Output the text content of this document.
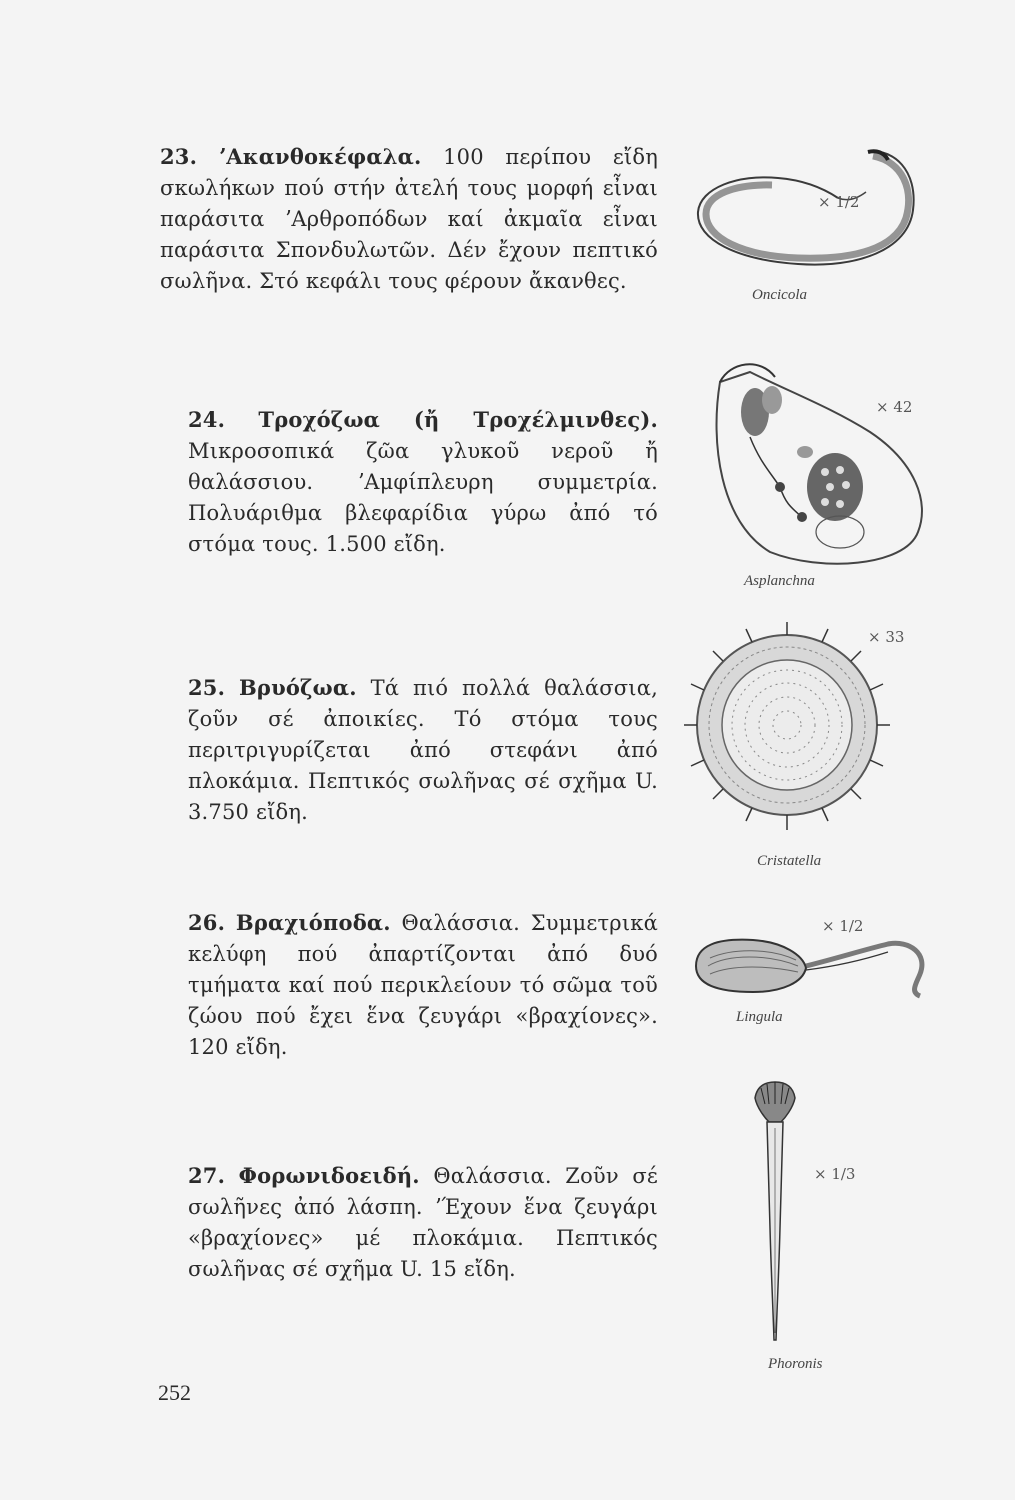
23. ʼΑκανθοκέφαλα. 100 περίπου εἴδη σκωλήκων πού στήν ἀτελή τους μορφή εἶναι παράσιτα ʼΑρθροπόδων καί ἀκμαῖα εἶναι παράσιτα Σπονδυλωτῶν. Δέν ἔχουν πεπτικό σωλῆνα. Στό κεφάλι τους φέρουν ἄκανθες.
× 1/2
Oncicola
24. Τροχόζωα (ἤ Τροχέλμινθες). Μικροσοπικά ζῶα γλυκοῦ νεροῦ ἤ θαλάσσιου. ʼΑμφίπλευρη συμμετρία. Πολυάριθμα βλεφαρίδια γύρω ἀπό τό στόμα τους. 1.500 εἴδη.
× 42
Asplanchna
25. Βρυόζωα. Τά πιό πολλά θαλάσσια, ζοῦν σέ ἀποικίες. Τό στόμα τους περιτριγυρίζεται ἀπό στεφάνι ἀπό πλοκάμια. Πεπτικός σωλῆνας σέ σχῆμα U. 3.750 εἴδη.
× 33
Cristatella
26. Βραχιόποδα. Θαλάσσια. Συμμετρικά κελύφη πού ἀπαρτίζονται ἀπό δυό τμήματα καί πού περικλείουν τό σῶμα τοῦ ζώου πού ἔχει ἕνα ζευγάρι «βραχίονες». 120 εἴδη.
× 1/2
Lingula
27. Φορωνιδοειδή. Θαλάσσια. Ζοῦν σέ σωλῆνες ἀπό λάσπη. ʼΈχουν ἕνα ζευγάρι «βραχίονες» μέ πλοκάμια. Πεπτικός σωλῆνας σέ σχῆμα U. 15 εἴδη.
× 1/3
Phoronis
252
